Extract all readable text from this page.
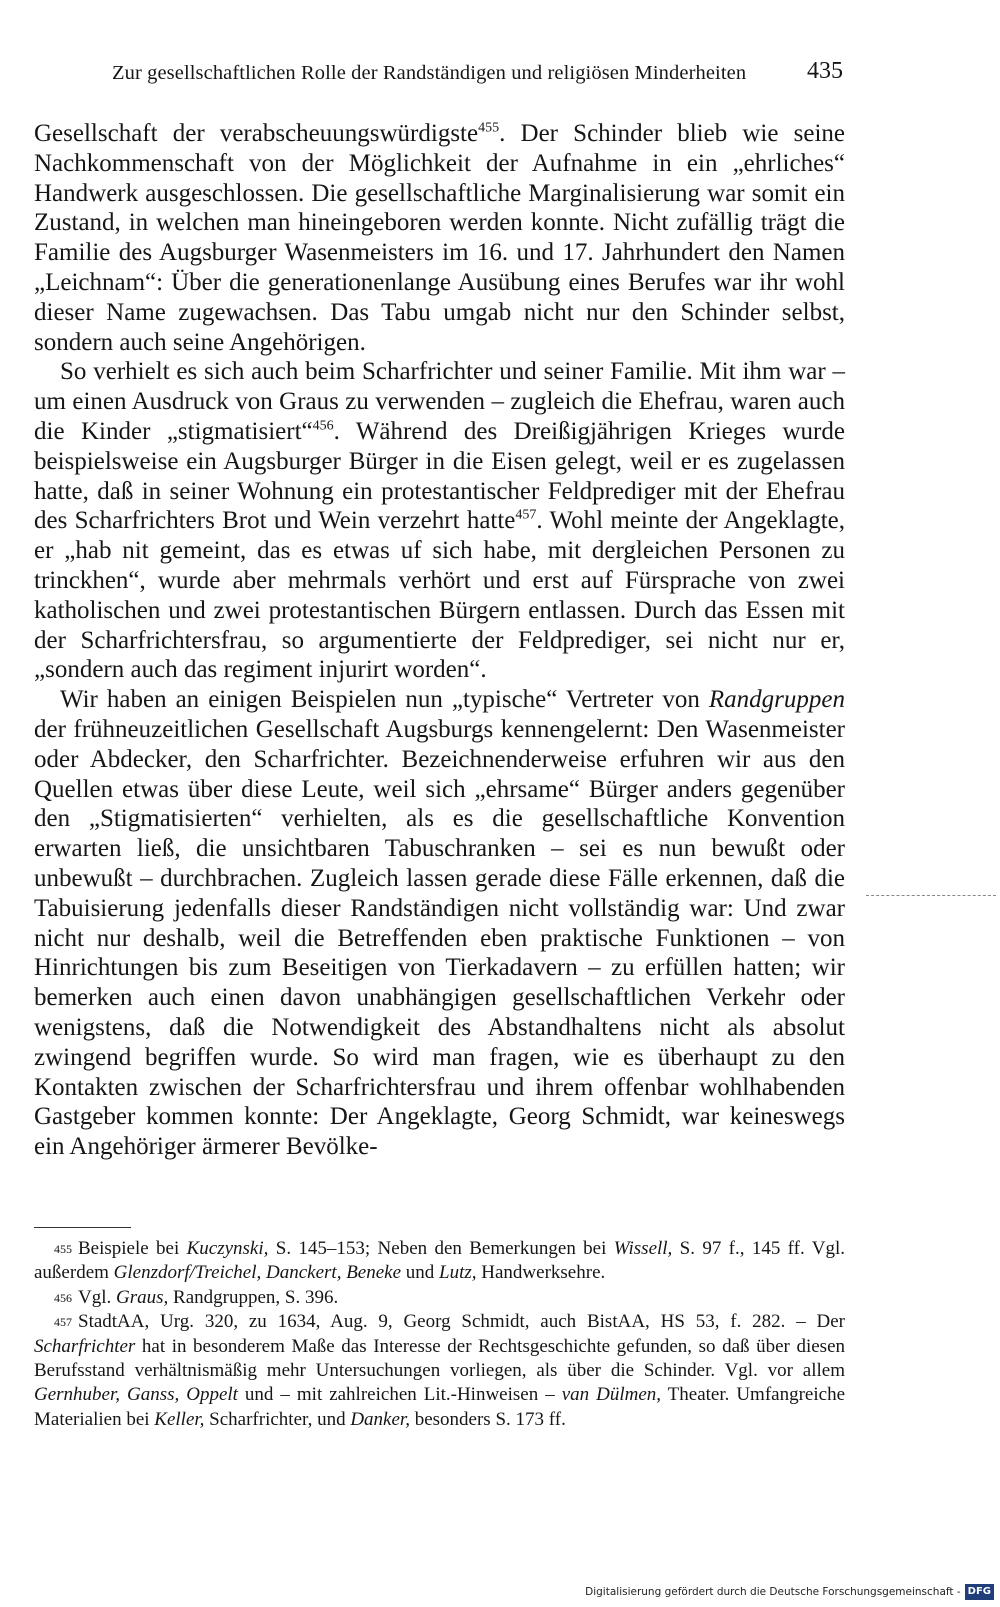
Zur gesellschaftlichen Rolle der Randständigen und religiösen Minderheiten	435

Gesellschaft der verabscheuungswürdigste$^{455}$. Der Schinder blieb wie seine Nachkommenschaft von der Möglichkeit der Aufnahme in ein „ehrliches“ Handwerk ausgeschlossen. Die gesellschaftliche Marginalisierung war somit ein Zustand, in welchen man hineingeboren werden konnte. Nicht zufällig trägt die Familie des Augsburger Wasenmeisters im 16. und 17. Jahrhundert den Namen „Leichnam“: Über die generationenlange Ausübung eines Berufes war ihr wohl dieser Name zugewachsen. Das Tabu umgab nicht nur den Schinder selbst, sondern auch seine Angehörigen.

So verhielt es sich auch beim Scharfrichter und seiner Familie. Mit ihm war – um einen Ausdruck von Graus zu verwenden – zugleich die Ehefrau, waren auch die Kinder „stigmatisiert“$^{456}$. Während des Dreißigjährigen Krieges wurde beispielsweise ein Augsburger Bürger in die Eisen gelegt, weil er es zugelassen hatte, daß in seiner Wohnung ein protestantischer Feldprediger mit der Ehefrau des Scharfrichters Brot und Wein verzehrt hatte$^{457}$. Wohl meinte der Angeklagte, er „hab nit gemeint, das es etwas uf sich habe, mit dergleichen Personen zu trinckhen“, wurde aber mehrmals verhört und erst auf Fürsprache von zwei katholischen und zwei protestantischen Bürgern entlassen. Durch das Essen mit der Scharfrichtersfrau, so argumentierte der Feldprediger, sei nicht nur er, „sondern auch das regiment injurirt worden“.

Wir haben an einigen Beispielen nun „typische“ Vertreter von Randgruppen der frühneuzeitlichen Gesellschaft Augsburgs kennengelernt: Den Wasenmeister oder Abdecker, den Scharfrichter. Bezeichnenderweise erfuhren wir aus den Quellen etwas über diese Leute, weil sich „ehrsame“ Bürger anders gegenüber den „Stigmatisierten“ verhielten, als es die gesellschaftliche Konvention erwarten ließ, die unsichtbaren Tabuschranken – sei es nun bewußt oder unbewußt – durchbrachen. Zugleich lassen gerade diese Fälle erkennen, daß die Tabuisierung jedenfalls dieser Randständigen nicht vollständig war: Und zwar nicht nur deshalb, weil die Betreffenden eben praktische Funktionen – von Hinrichtungen bis zum Beseitigen von Tierkadavern – zu erfüllen hatten; wir bemerken auch einen davon unabhängigen gesellschaftlichen Verkehr oder wenigstens, daß die Notwendigkeit des Abstandhaltens nicht als absolut zwingend begriffen wurde. So wird man fragen, wie es überhaupt zu den Kontakten zwischen der Scharfrichtersfrau und ihrem offenbar wohlhabenden Gastgeber kommen konnte: Der Angeklagte, Georg Schmidt, war keineswegs ein Angehöriger ärmerer Bevölke-

$^{455}$ Beispiele bei Kuczynski, S. 145–153; Neben den Bemerkungen bei Wissell, S. 97 f., 145 ff. Vgl. außerdem Glenzdorf/Treichel, Danckert, Beneke und Lutz, Handwerksehre.

$^{456}$ Vgl. Graus, Randgruppen, S. 396.

$^{457}$ StadtAA, Urg. 320, zu 1634, Aug. 9, Georg Schmidt, auch BistAA, HS 53, f. 282. – Der Scharfrichter hat in besonderem Maße das Interesse der Rechtsgeschichte gefunden, so daß über diesen Berufsstand verhältnismäßig mehr Untersuchungen vorliegen, als über die Schinder. Vgl. vor allem Gernhuber, Ganss, Oppelt und – mit zahlreichen Lit.-Hinweisen – van Dülmen, Theater. Umfangreiche Materialien bei Keller, Scharfrichter, und Danker, besonders S. 173 ff.

Digitalisierung gefördert durch die Deutsche Forschungsgemeinschaft - DFG
